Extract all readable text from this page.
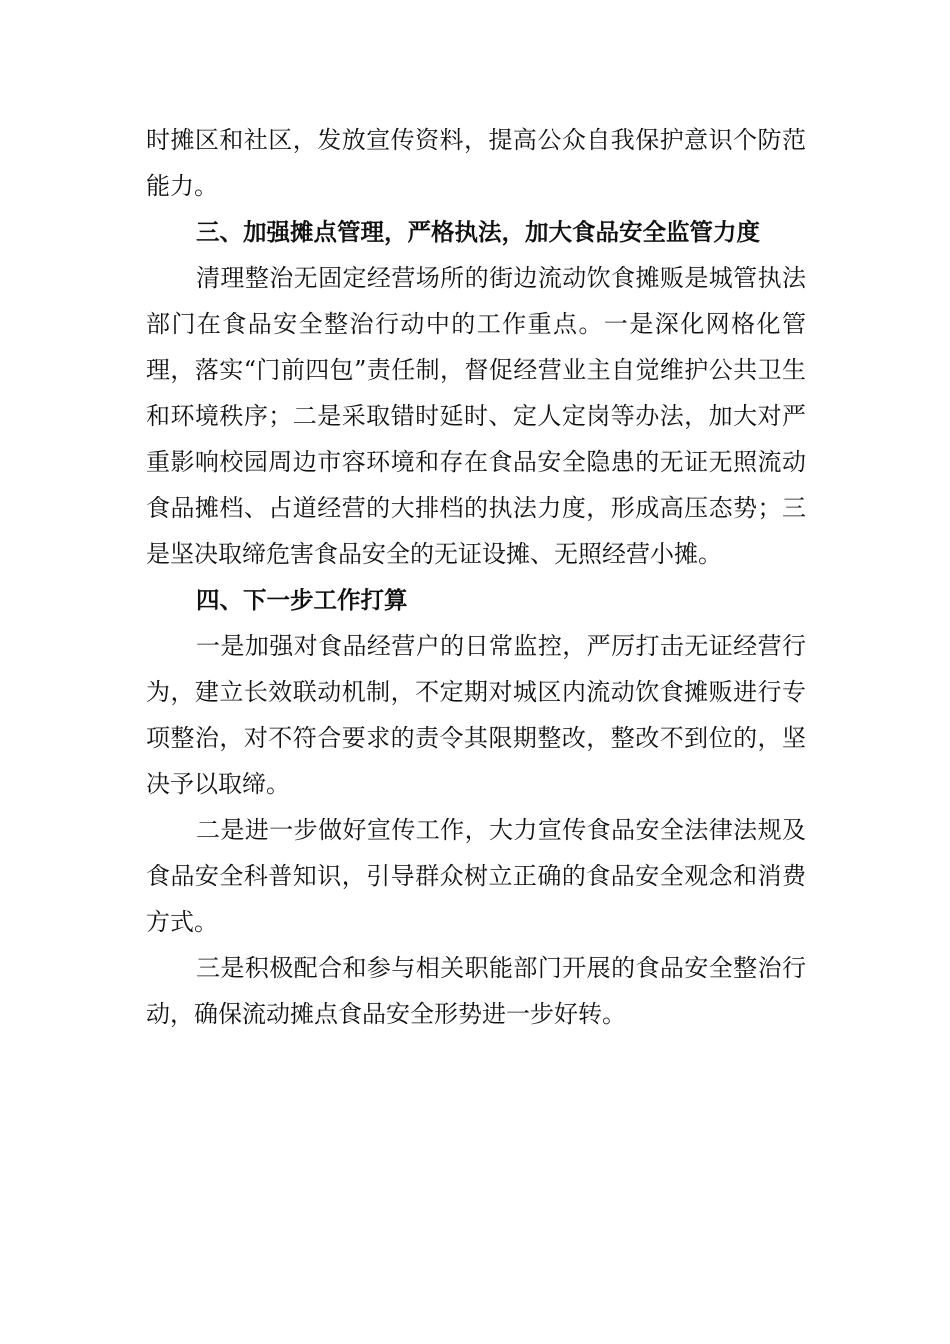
时摊区和社区，发放宣传资料，提高公众自我保护意识个防范能力。

三、加强摊点管理，严格执法，加大食品安全监管力度

清理整治无固定经营场所的街边流动饮食摊贩是城管执法部门在食品安全整治行动中的工作重点。一是深化网格化管理，落实“门前四包”责任制，督促经营业主自觉维护公共卫生和环境秩序；二是采取错时延时、定人定岗等办法，加大对严重影响校园周边市容环境和存在食品安全隐患的无证无照流动食品摊档、占道经营的大排档的执法力度，形成高压态势；三是坚决取缔危害食品安全的无证设摊、无照经营小摊。

四、下一步工作打算

一是加强对食品经营户的日常监控，严厉打击无证经营行为，建立长效联动机制，不定期对城区内流动饮食摊贩进行专项整治，对不符合要求的责令其限期整改，整改不到位的，坚决予以取缔。

二是进一步做好宣传工作，大力宣传食品安全法律法规及食品安全科普知识，引导群众树立正确的食品安全观念和消费方式。

三是积极配合和参与相关职能部门开展的食品安全整治行动，确保流动摊点食品安全形势进一步好转。
